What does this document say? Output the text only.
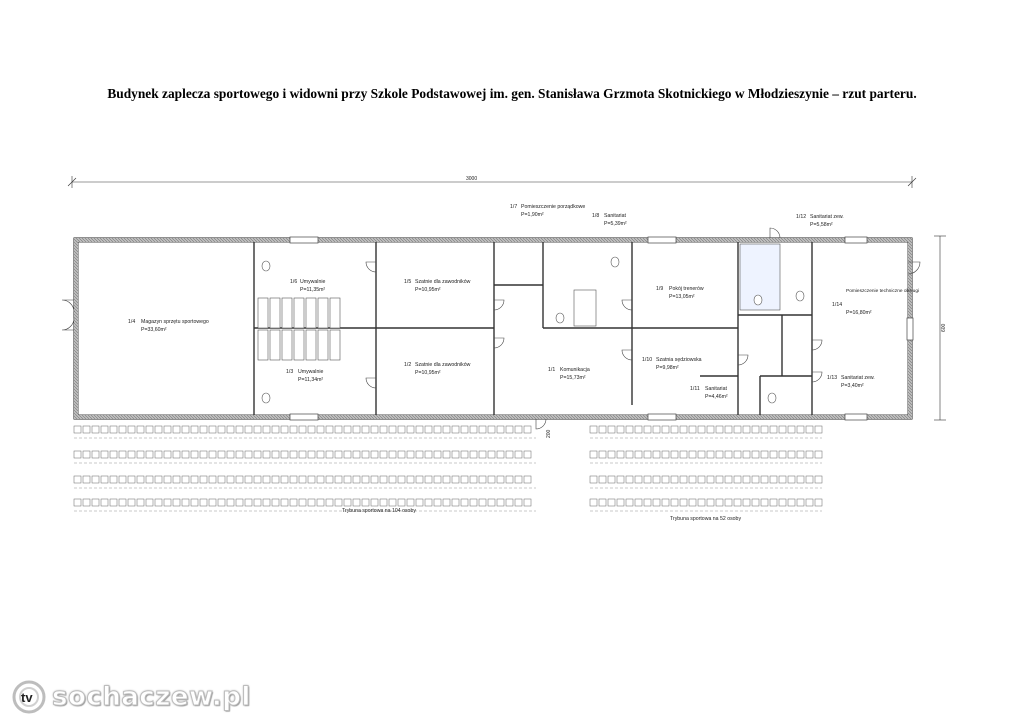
Budynek zaplecza sportowego i widowni przy Szkole Podstawowej im. gen. Stanisława Grzmota Skotnickiego w Młodzieszynie – rzut parteru.
3000
600
1/4 Magazyn sprzętu sportowego
P=33,60m²
1/6 Umywalnie
P=11,35m²
1/3 Umywalnie
P=11,34m²
1/5 Szatnie dla zawodników
P=10,95m²
1/2 Szatnie dla zawodników
P=10,95m²
1/7 Pomieszczenie porządkowe
P=1,90m²	1/8 Sanitariat
P=5,39m²
1/9 Pokój trenerów
P=13,05m²
1/1 Komunikacja
P=15,73m²
1/10 Szatnia sędziowska
P=9,98m²
1/11 Sanitariat
P=4,46m²
1/12 Sanitariat zew.
P=5,58m²
1/14
Pomieszczenie techniczne obsługi
P=16,80m²
1/13 Sanitariat zew.
P=3,40m²
200
Trybuna sportowa na 104 osoby
Trybuna sportowa na 52 osoby
tv sochaczew.pl
